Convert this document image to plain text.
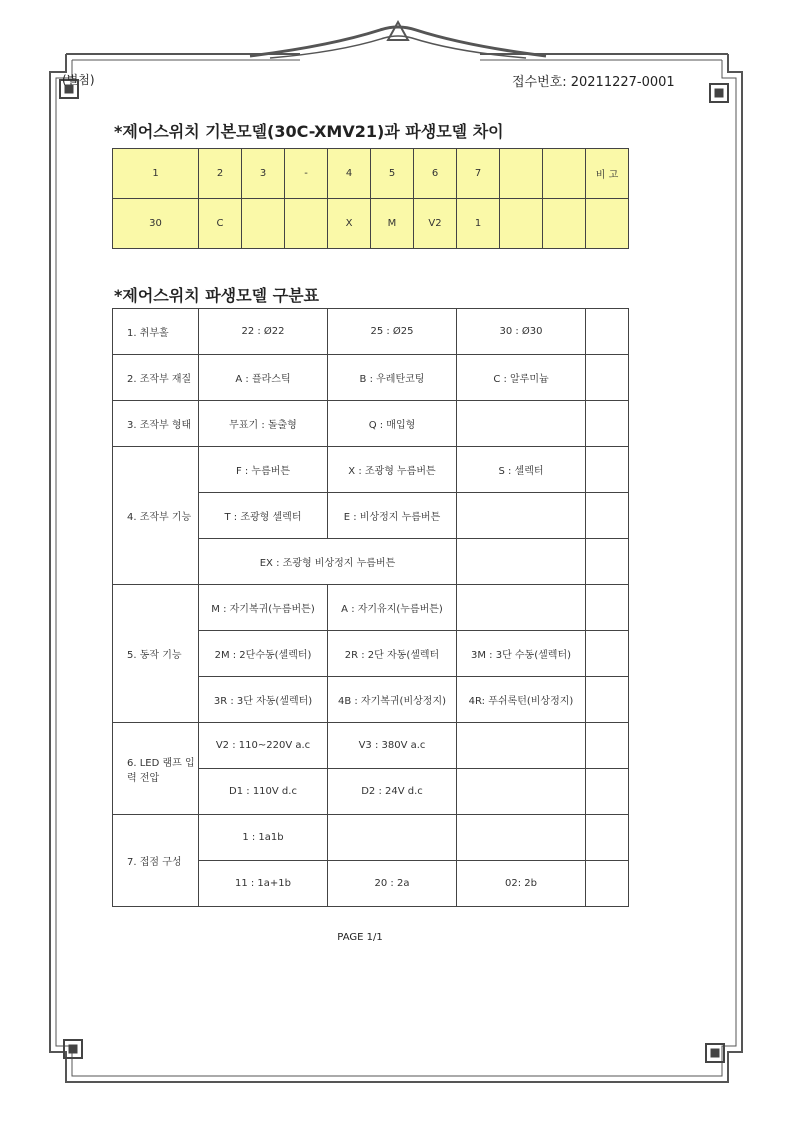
(별첨)	접수번호: 20211227-0001
*제어스위치 기본모델(30C-XMV21)과 파생모델 차이
1	2	3	-	4	5	6	7			비 고
30	C			X	M	V2	1			
*제어스위치 파생모델 구분표
1. 취부홀	22 : Ø22	25 : Ø25	30 : Ø30	
2. 조작부 재질	A : 플라스틱	B : 우레탄코팅	C : 알루미늄	
3. 조작부 형태	무표기 : 돌출형	Q : 매입형		
4. 조작부 기능	F : 누름버튼	X : 조광형 누름버튼	S : 셀렉터	
	T : 조광형 셀렉터	E : 비상정지 누름버튼		
	EX : 조광형 비상정지 누름버튼			
5. 동작 기능	M : 자기복귀(누름버튼)	A : 자기유지(누름버튼)		
	2M : 2단수동(셀렉터)	2R : 2단 자동(셀렉터	3M : 3단 수동(셀렉터)	
	3R : 3단 자동(셀렉터)	4B : 자기복귀(비상정지)	4R: 푸쉬록턴(비상정지)	
6. LED 램프 입력 전압	V2 : 110~220V a.c	V3 : 380V a.c		
	D1 : 110V d.c	D2 : 24V d.c		
7. 접점 구성	1 : 1a1b			
	11 : 1a+1b	20 : 2a	02: 2b	
PAGE 1/1
